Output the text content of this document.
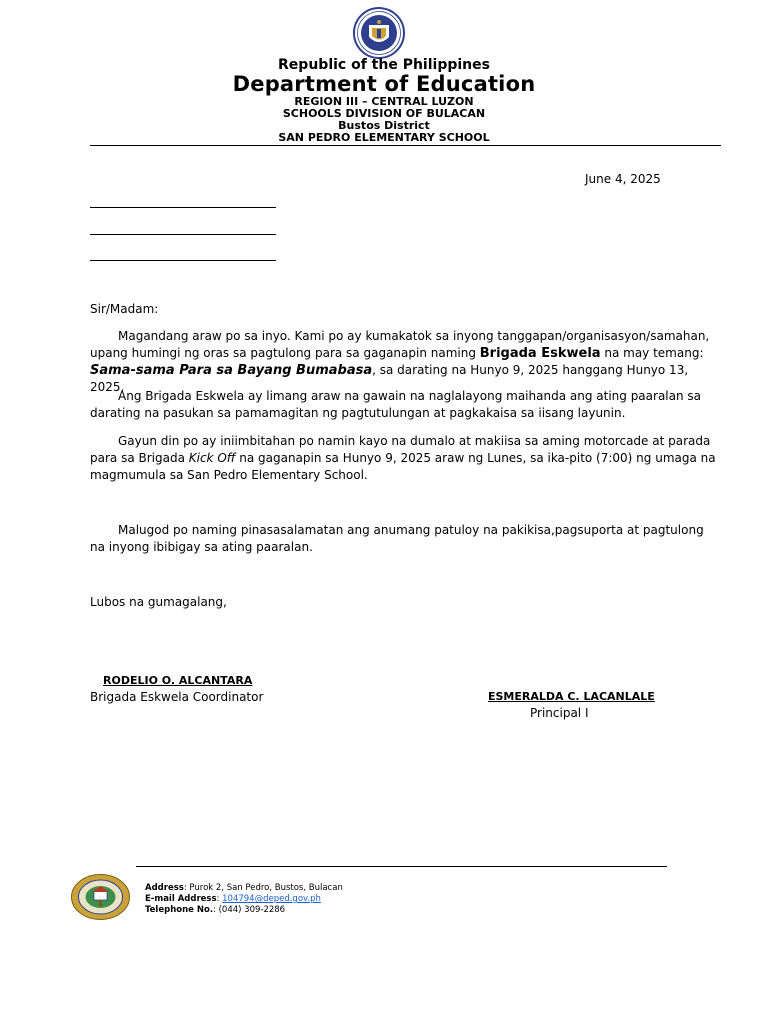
Republic of the Philippines
Department of Education
REGION III – CENTRAL LUZON
SCHOOLS DIVISION OF BULACAN
Bustos District
SAN PEDRO ELEMENTARY SCHOOL
June 4, 2025
Sir/Madam:
Magandang araw po sa inyo. Kami po ay kumakatok sa inyong tanggapan/organisasyon/samahan, upang humingi ng oras sa pagtulong para sa gaganapin naming Brigada Eskwela na may temang: Sama-sama Para sa Bayang Bumabasa, sa darating na Hunyo 9, 2025 hanggang Hunyo 13, 2025.
Ang Brigada Eskwela ay limang araw na gawain na naglalayong maihanda ang ating paaralan sa darating na pasukan sa pamamagitan ng pagtutulungan at pagkakaisa sa iisang layunin.
Gayun din po ay iniimbitahan po namin kayo na dumalo at makiisa sa aming motorcade at parada para sa Brigada Kick Off na gaganapin sa Hunyo 9, 2025 araw ng Lunes, sa ika-pito (7:00) ng umaga na magmumula sa San Pedro Elementary School.
Malugod po naming pinasasalamatan ang anumang patuloy na pakikisa,pagsuporta at pagtulong na inyong ibibigay sa ating paaralan.
Lubos na gumagalang,
RODELIO O. ALCANTARA
Brigada Eskwela Coordinator	ESMERALDA C. LACANLALE
Principal I
Address: Purok 2, San Pedro, Bustos, Bulacan
E-mail Address: 104794@deped.gov.ph
Telephone No.: (044) 309-2286
